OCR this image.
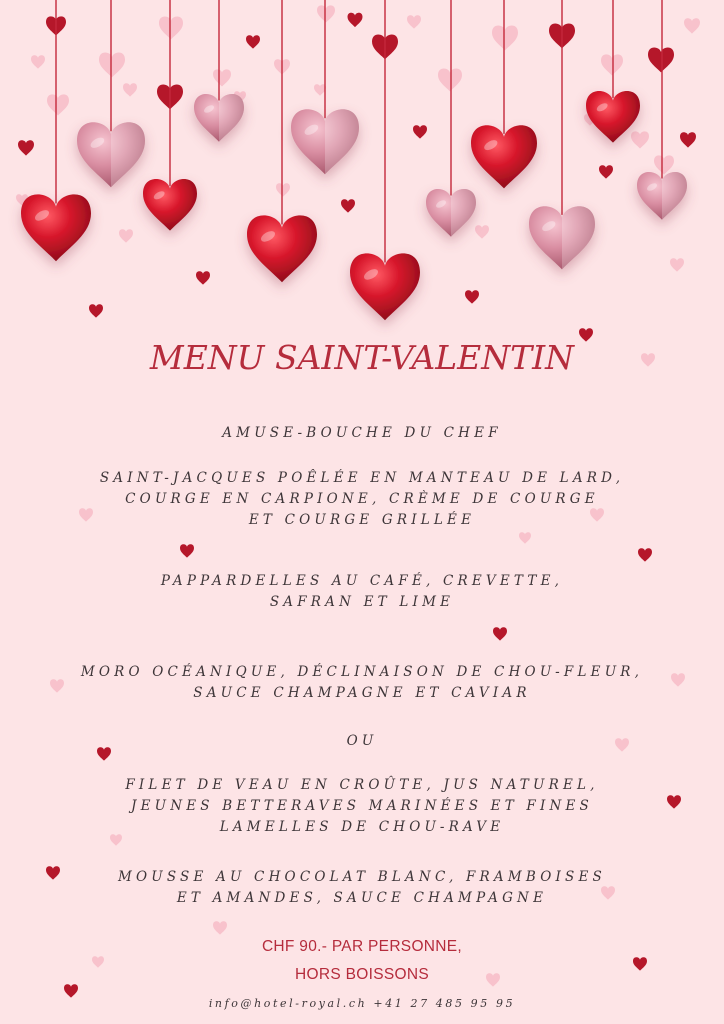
MENU SAINT-VALENTIN
AMUSE-BOUCHE DU CHEF
SAINT-JACQUES POÊLÉE EN MANTEAU DE LARD,
COURGE EN CARPIONE, CRÈME DE COURGE
ET COURGE GRILLÉE
PAPPARDELLES AU CAFÉ, CREVETTE,
SAFRAN ET LIME
MORO OCÉANIQUE, DÉCLINAISON DE CHOU-FLEUR,
SAUCE CHAMPAGNE ET CAVIAR
OU
FILET DE VEAU EN CROÛTE, JUS NATUREL,
JEUNES BETTERAVES MARINÉES ET FINES
LAMELLES DE CHOU-RAVE
MOUSSE AU CHOCOLAT BLANC, FRAMBOISES
ET AMANDES, SAUCE CHAMPAGNE
CHF 90.- PAR PERSONNE,
HORS BOISSONS
info@hotel-royal.ch +41 27 485 95 95
